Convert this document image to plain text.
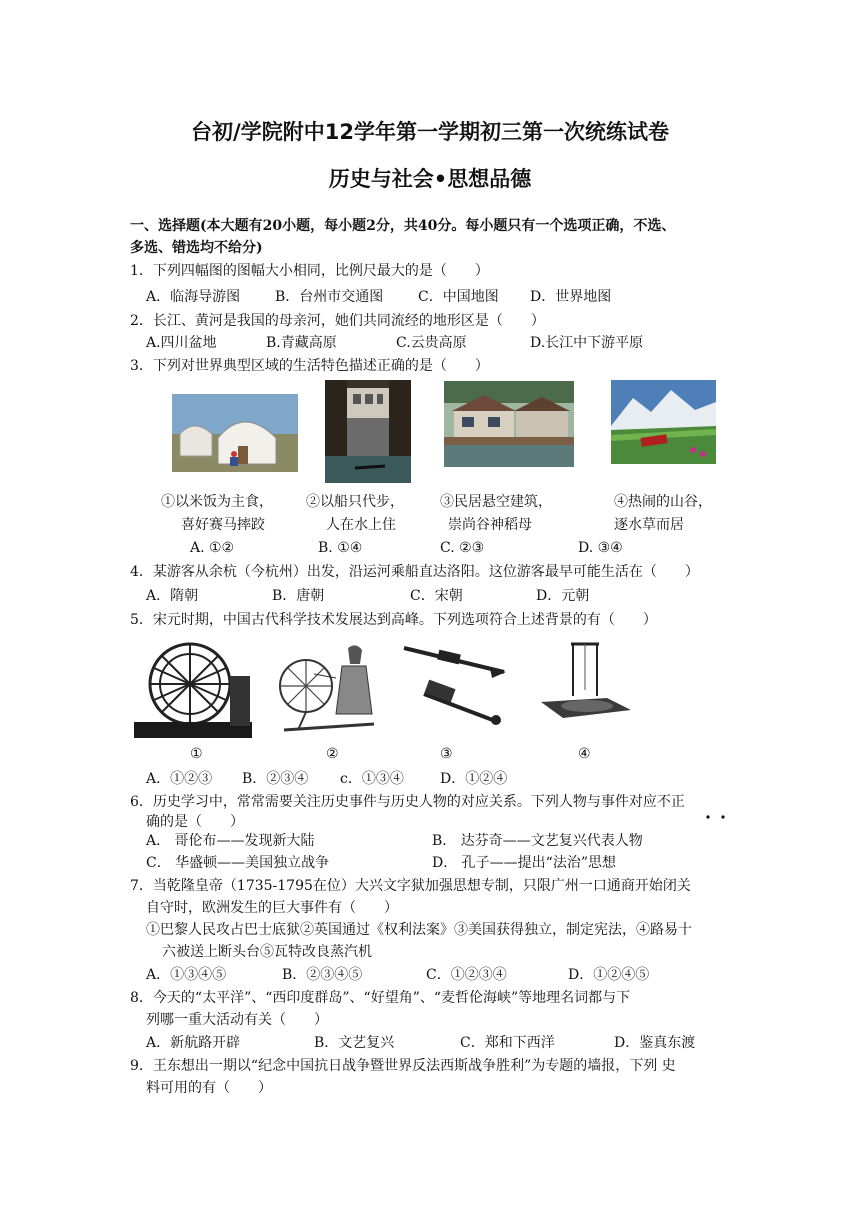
台初/学院附中12学年第一学期初三第一次统练试卷
历史与社会•思想品德
一、选择题(本大题有20小题，每小题2分，共40分。每小题只有一个选项正确，不选、
多选、错选均不给分)
1．下列四幅图的图幅大小相同，比例尺最大的是（　　）
A．临海导游图 B．台州市交通图 C．中国地图 D．世界地图
2．长江、黄河是我国的母亲河，她们共同流经的地形区是（　　）
A.四川盆地	B.青藏高原	C.云贵高原	D.长江中下游平原
3．下列对世界典型区域的生活特色描述正确的是（　　）
①以米饭为主食，
喜好赛马摔跤
②以船只代步，
人在水上住
③民居悬空建筑，
崇尚谷神稻母
④热闹的山谷，
逐水草而居
A. ①②	B. ①④	C. ②③	D. ③④
4．某游客从余杭（今杭州）出发，沿运河乘船直达洛阳。这位游客最早可能生活在（　　）
A．隋朝	B．唐朝	C．宋朝	D．元朝
5．宋元时期，中国古代科学技术发展达到高峰。下列选项符合上述背景的有（　　）
①	②	③	④
A．①②③ B．②③④ c．①③④	D．①②④
6．历史学习中，常常需要关注历史事件与历史人物的对应关系。下列人物与事件对应不正
确的是（　　）
A． 哥伦布——发现新大陆	B． 达芬奇——文艺复兴代表人物
C． 华盛顿——美国独立战争	D． 孔子——提出“法治”思想
7．当乾隆皇帝（1735-1795在位）大兴文字狱加强思想专制，只限广州一口通商开始闭关
自守时，欧洲发生的巨大事件有（　　）
①巴黎人民攻占巴士底狱②英国通过《权利法案》③美国获得独立，制定宪法，④路易十
六被送上断头台⑤瓦特改良蒸汽机
A．①③④⑤	B．②③④⑤	C．①②③④	D．①②④⑤
8．今天的“太平洋”、“西印度群岛”、“好望角”、“麦哲伦海峡”等地理名词都与下
列哪一重大活动有关（　　）
A．新航路开辟	B．文艺复兴	C．郑和下西洋	D．鉴真东渡
9．王东想出一期以“纪念中国抗日战争暨世界反法西斯战争胜利”为专题的墙报，下列 史
料可用的有（　　）
